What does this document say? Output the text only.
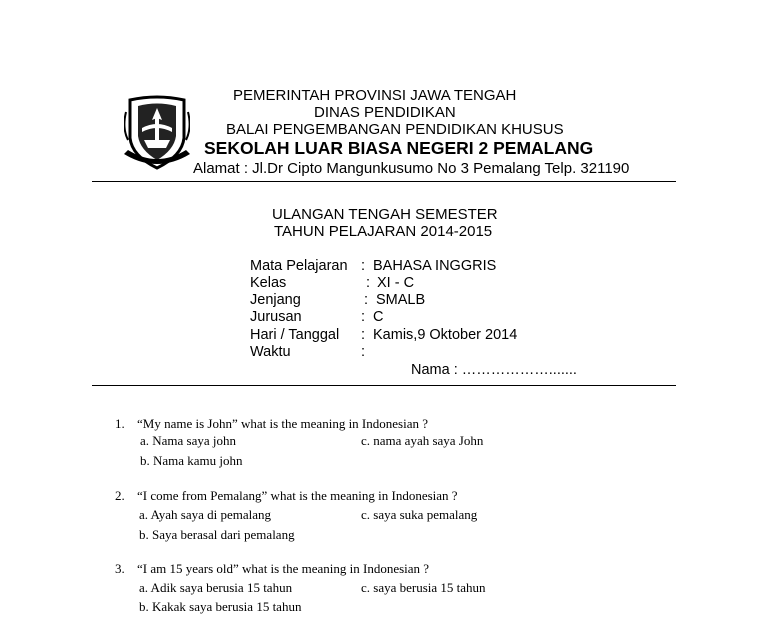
PEMERINTAH PROVINSI JAWA TENGAH
DINAS PENDIDIKAN
BALAI PENGEMBANGAN PENDIDIKAN KHUSUS
SEKOLAH LUAR BIASA NEGERI 2 PEMALANG
Alamat : Jl.Dr Cipto Mangunkusumo No 3 Pemalang Telp. 321190
ULANGAN TENGAH SEMESTER
TAHUN PELAJARAN 2014-2015
Mata Pelajaran : BAHASA INGGRIS
Kelas	: XI - C
Jenjang	: SMALB
Jurusan	: C
Hari / Tanggal : Kamis,9 Oktober 2014
Waktu	:
Nama : ……………….......
1. “My name is John” what is the meaning in Indonesian ?
a. Nama saya john	c. nama ayah saya John
b. Nama kamu john
2. “I come from Pemalang” what is the meaning in Indonesian ?
a. Ayah saya di pemalang	c. saya suka pemalang
b. Saya berasal dari pemalang
3. “I am 15 years old” what is the meaning in Indonesian ?
a. Adik saya berusia 15 tahun	c. saya berusia 15 tahun
b. Kakak saya berusia 15 tahun
